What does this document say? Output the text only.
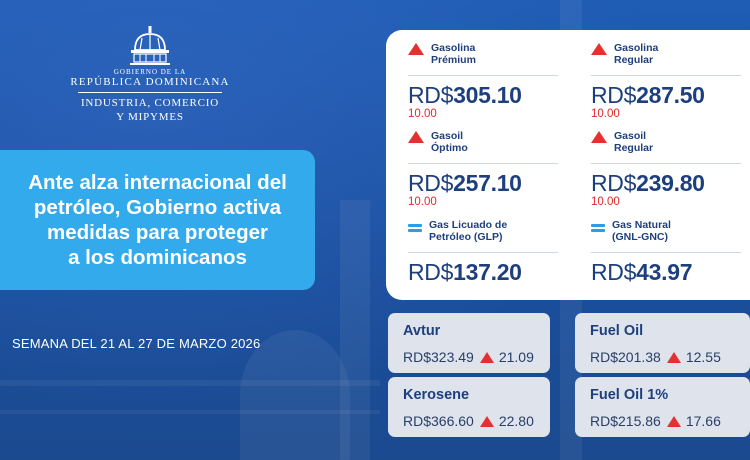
GOBIERNO DE LA
REPÚBLICA DOMINICANA
INDUSTRIA, COMERCIO
Y MIPYMES
Ante alza internacional del
petróleo, Gobierno activa
medidas para proteger
a los dominicanos
SEMANA DEL 21 AL 27 DE MARZO 2026
Gasolina
Prémium
RD$305.10
10.00
Gasolina
Regular
RD$287.50
10.00
Gasoil
Óptimo
RD$257.10
10.00
Gasoil
Regular
RD$239.80
10.00
Gas Licuado de
Petróleo (GLP)
RD$137.20
Gas Natural
(GNL-GNC)
RD$43.97
Avtur
RD$323.49 21.09
Fuel Oil
RD$201.38 12.55
Kerosene
RD$366.60 22.80
Fuel Oil 1%
RD$215.86 17.66
